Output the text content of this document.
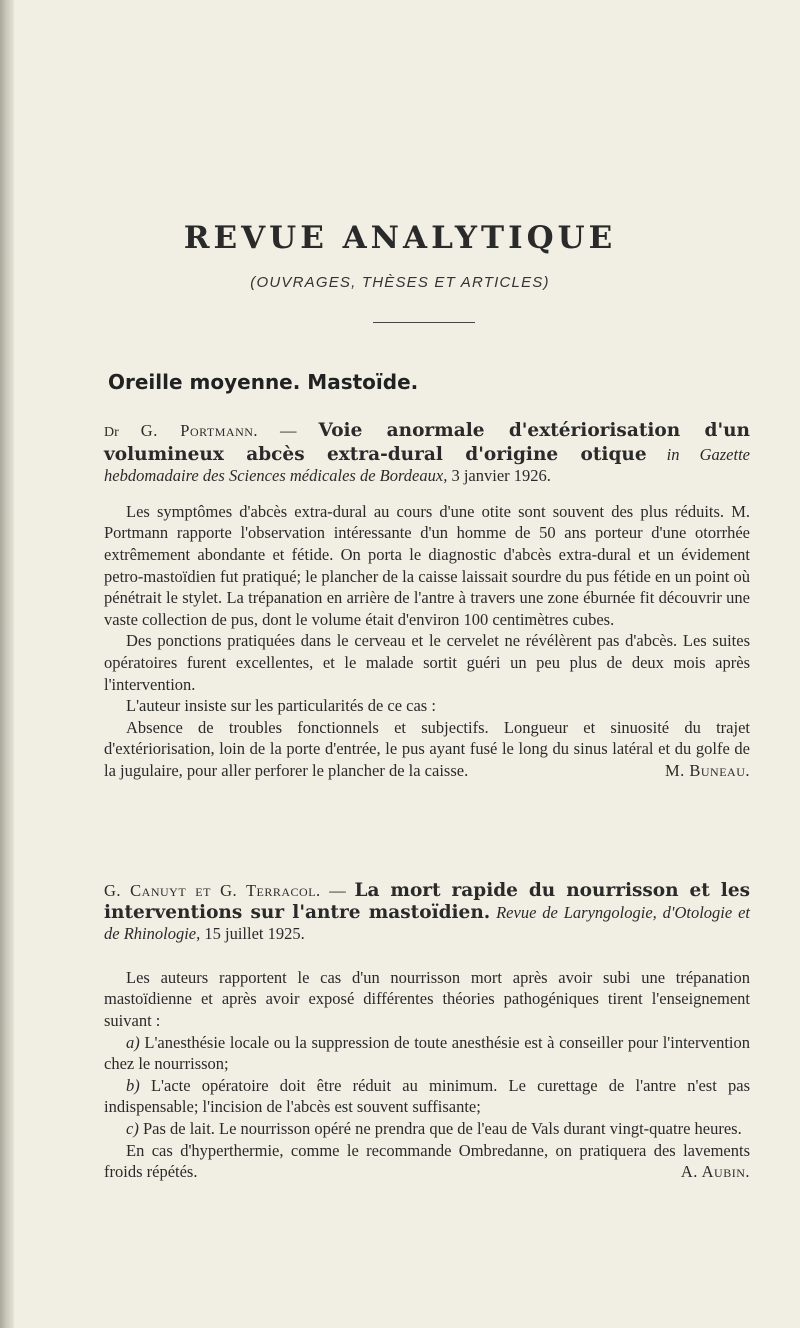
REVUE ANALYTIQUE
(OUVRAGES, THÈSES ET ARTICLES)
Oreille moyenne. Mastoïde.

Dr G. Portmann. — Voie anormale d'extériorisation d'un volumineux abcès extra-dural d'origine otique in Gazette hebdomadaire des Sciences médicales de Bordeaux, 3 janvier 1926.

Les symptômes d'abcès extra-dural au cours d'une otite sont souvent des plus réduits. M. Portmann rapporte l'observation intéressante d'un homme de 50 ans porteur d'une otorrhée extrêmement abondante et fétide. On porta le diagnostic d'abcès extra-dural et un évidement petro-mastoïdien fut pratiqué; le plancher de la caisse laissait sourdre du pus fétide en un point où pénétrait le stylet. La trépanation en arrière de l'antre à travers une zone éburnée fit découvrir une vaste collection de pus, dont le volume était d'environ 100 centimètres cubes.

Des ponctions pratiquées dans le cerveau et le cervelet ne révélèrent pas d'abcès. Les suites opératoires furent excellentes, et le malade sortit guéri un peu plus de deux mois après l'intervention.

L'auteur insiste sur les particularités de ce cas :

Absence de troubles fonctionnels et subjectifs. Longueur et sinuosité du trajet d'extériorisation, loin de la porte d'entrée, le pus ayant fusé le long du sinus latéral et du golfe de la jugulaire, pour aller perforer le plancher de la caisse.	M. Buneau.

G. Canuyt et G. Terracol. — La mort rapide du nourrisson et les interventions sur l'antre mastoïdien. Revue de Laryngologie, d'Otologie et de Rhinologie, 15 juillet 1925.

Les auteurs rapportent le cas d'un nourrisson mort après avoir subi une trépanation mastoïdienne et après avoir exposé différentes théories pathogéniques tirent l'enseignement suivant :

a) L'anesthésie locale ou la suppression de toute anesthésie est à conseiller pour l'intervention chez le nourrisson;

b) L'acte opératoire doit être réduit au minimum. Le curettage de l'antre n'est pas indispensable; l'incision de l'abcès est souvent suffisante;

c) Pas de lait. Le nourrisson opéré ne prendra que de l'eau de Vals durant vingt-quatre heures.

En cas d'hyperthermie, comme le recommande Ombredanne, on pratiquera des lavements froids répétés.	A. Aubin.
